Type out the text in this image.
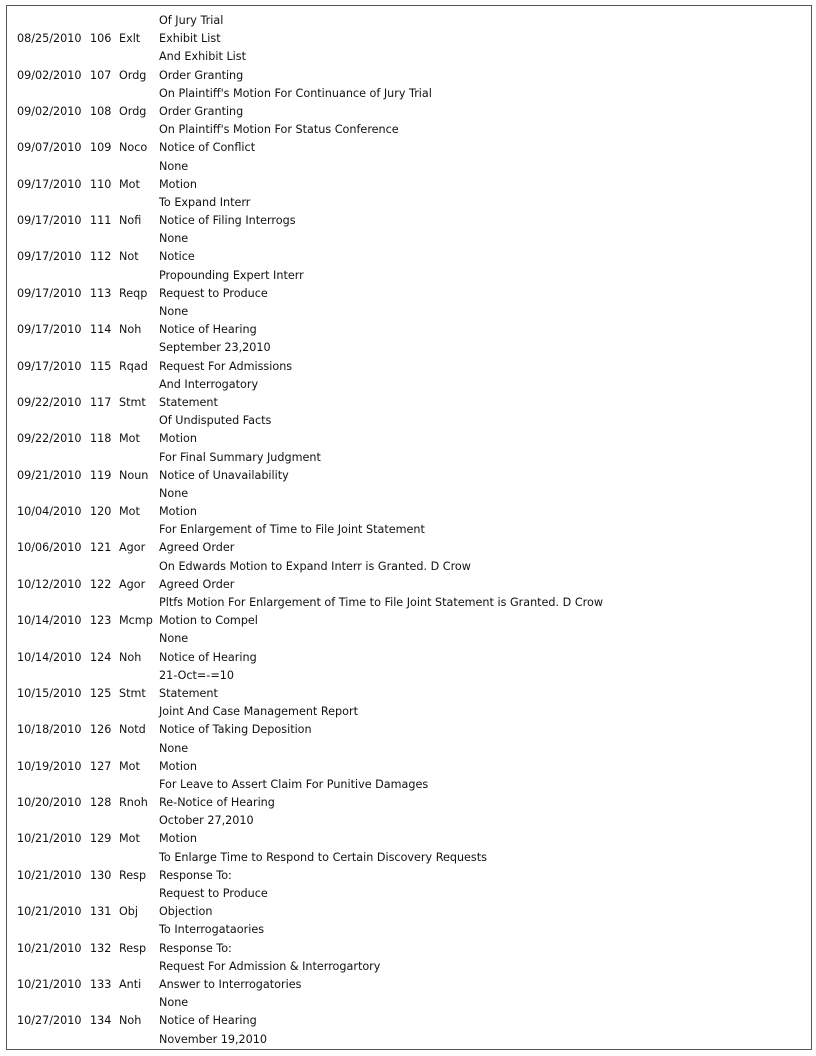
Of Jury Trial
08/25/2010 106 Exlt Exhibit List
And Exhibit List
09/02/2010 107 Ordg Order Granting
On Plaintiff's Motion For Continuance of Jury Trial
09/02/2010 108 Ordg Order Granting
On Plaintiff's Motion For Status Conference
09/07/2010 109 Noco Notice of Conflict
None
09/17/2010 110 Mot Motion
To Expand Interr
09/17/2010 111 Nofi Notice of Filing Interrogs
None
09/17/2010 112 Not Notice
Propounding Expert Interr
09/17/2010 113 Reqp Request to Produce
None
09/17/2010 114 Noh Notice of Hearing
September 23,2010
09/17/2010 115 Rqad Request For Admissions
And Interrogatory
09/22/2010 117 Stmt Statement
Of Undisputed Facts
09/22/2010 118 Mot Motion
For Final Summary Judgment
09/21/2010 119 Noun Notice of Unavailability
None
10/04/2010 120 Mot Motion
For Enlargement of Time to File Joint Statement
10/06/2010 121 Agor Agreed Order
On Edwards Motion to Expand Interr is Granted. D Crow
10/12/2010 122 Agor Agreed Order
Pltfs Motion For Enlargement of Time to File Joint Statement is Granted. D Crow
10/14/2010 123 Mcmp Motion to Compel
None
10/14/2010 124 Noh Notice of Hearing
21-Oct=-=10
10/15/2010 125 Stmt Statement
Joint And Case Management Report
10/18/2010 126 Notd Notice of Taking Deposition
None
10/19/2010 127 Mot Motion
For Leave to Assert Claim For Punitive Damages
10/20/2010 128 Rnoh Re-Notice of Hearing
October 27,2010
10/21/2010 129 Mot Motion
To Enlarge Time to Respond to Certain Discovery Requests
10/21/2010 130 Resp Response To:
Request to Produce
10/21/2010 131 Obj Objection
To Interrogataories
10/21/2010 132 Resp Response To:
Request For Admission & Interrogartory
10/21/2010 133 Anti Answer to Interrogatories
None
10/27/2010 134 Noh Notice of Hearing
November 19,2010
